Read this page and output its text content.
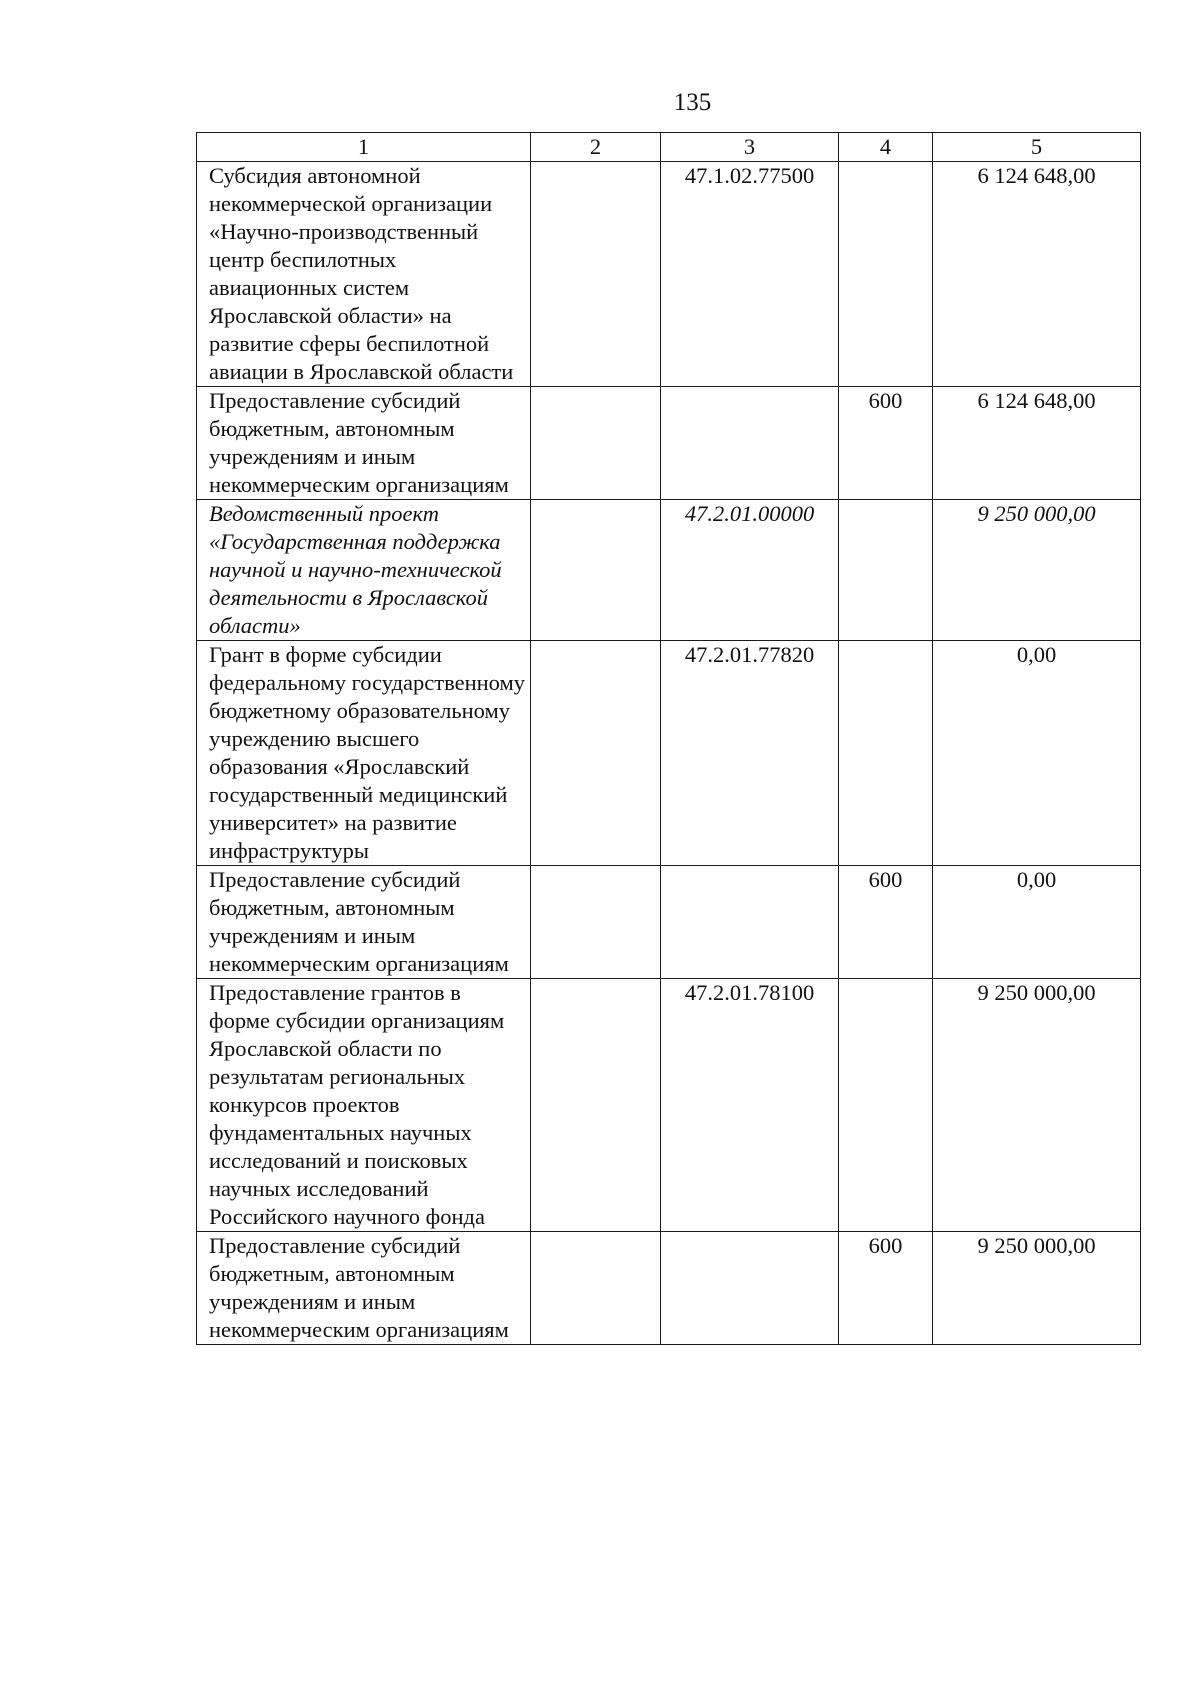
135
1	2	3	4	5
Субсидия автономной некоммерческой организации «Научно-производственный центр беспилотных авиационных систем Ярославской области» на развитие сферы беспилотной авиации в Ярославской области		47.1.02.77500		6 124 648,00
Предоставление субсидий бюджетным, автономным учреждениям и иным некоммерческим организациям			600	6 124 648,00
Ведомственный проект «Государственная поддержка научной и научно-технической деятельности в Ярославской области»		47.2.01.00000		9 250 000,00
Грант в форме субсидии федеральному государственному бюджетному образовательному учреждению высшего образования «Ярославский государственный медицинский университет» на развитие инфраструктуры		47.2.01.77820		0,00
Предоставление субсидий бюджетным, автономным учреждениям и иным некоммерческим организациям			600	0,00
Предоставление грантов в форме субсидии организациям Ярославской области по результатам региональных конкурсов проектов фундаментальных научных исследований и поисковых научных исследований Российского научного фонда		47.2.01.78100		9 250 000,00
Предоставление субсидий бюджетным, автономным учреждениям и иным некоммерческим организациям			600	9 250 000,00
